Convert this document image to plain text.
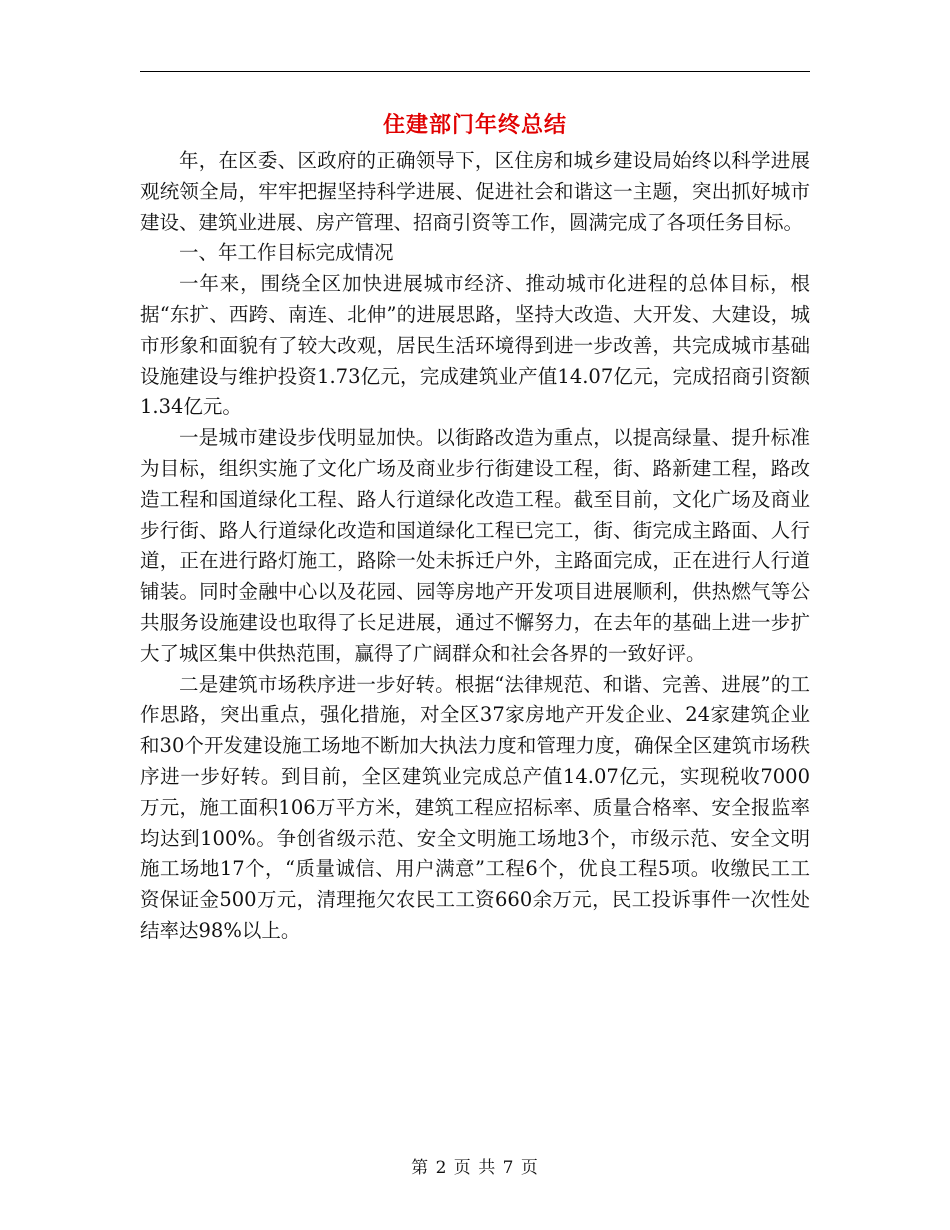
住建部门年终总结

年，在区委、区政府的正确领导下，区住房和城乡建设局始终以科学进展观统领全局，牢牢把握坚持科学进展、促进社会和谐这一主题，突出抓好城市建设、建筑业进展、房产管理、招商引资等工作，圆满完成了各项任务目标。

一、年工作目标完成情况

一年来，围绕全区加快进展城市经济、推动城市化进程的总体目标，根据“东扩、西跨、南连、北伸”的进展思路，坚持大改造、大开发、大建设，城市形象和面貌有了较大改观，居民生活环境得到进一步改善，共完成城市基础设施建设与维护投资1.73亿元，完成建筑业产值14.07亿元，完成招商引资额1.34亿元。

一是城市建设步伐明显加快。以街路改造为重点，以提高绿量、提升标准为目标，组织实施了文化广场及商业步行街建设工程，街、路新建工程，路改造工程和国道绿化工程、路人行道绿化改造工程。截至目前，文化广场及商业步行街、路人行道绿化改造和国道绿化工程已完工，街、街完成主路面、人行道，正在进行路灯施工，路除一处未拆迁户外，主路面完成，正在进行人行道铺装。同时金融中心以及花园、园等房地产开发项目进展顺利，供热燃气等公共服务设施建设也取得了长足进展，通过不懈努力，在去年的基础上进一步扩大了城区集中供热范围，赢得了广阔群众和社会各界的一致好评。

二是建筑市场秩序进一步好转。根据“法律规范、和谐、完善、进展”的工作思路，突出重点，强化措施，对全区37家房地产开发企业、24家建筑企业和30个开发建设施工场地不断加大执法力度和管理力度，确保全区建筑市场秩序进一步好转。到目前，全区建筑业完成总产值14.07亿元，实现税收7000万元，施工面积106万平方米，建筑工程应招标率、质量合格率、安全报监率均达到100%。争创省级示范、安全文明施工场地3个，市级示范、安全文明施工场地17个，“质量诚信、用户满意”工程6个，优良工程5项。收缴民工工资保证金500万元，清理拖欠农民工工资660余万元，民工投诉事件一次性处结率达98%以上。

第 2 页 共 7 页
